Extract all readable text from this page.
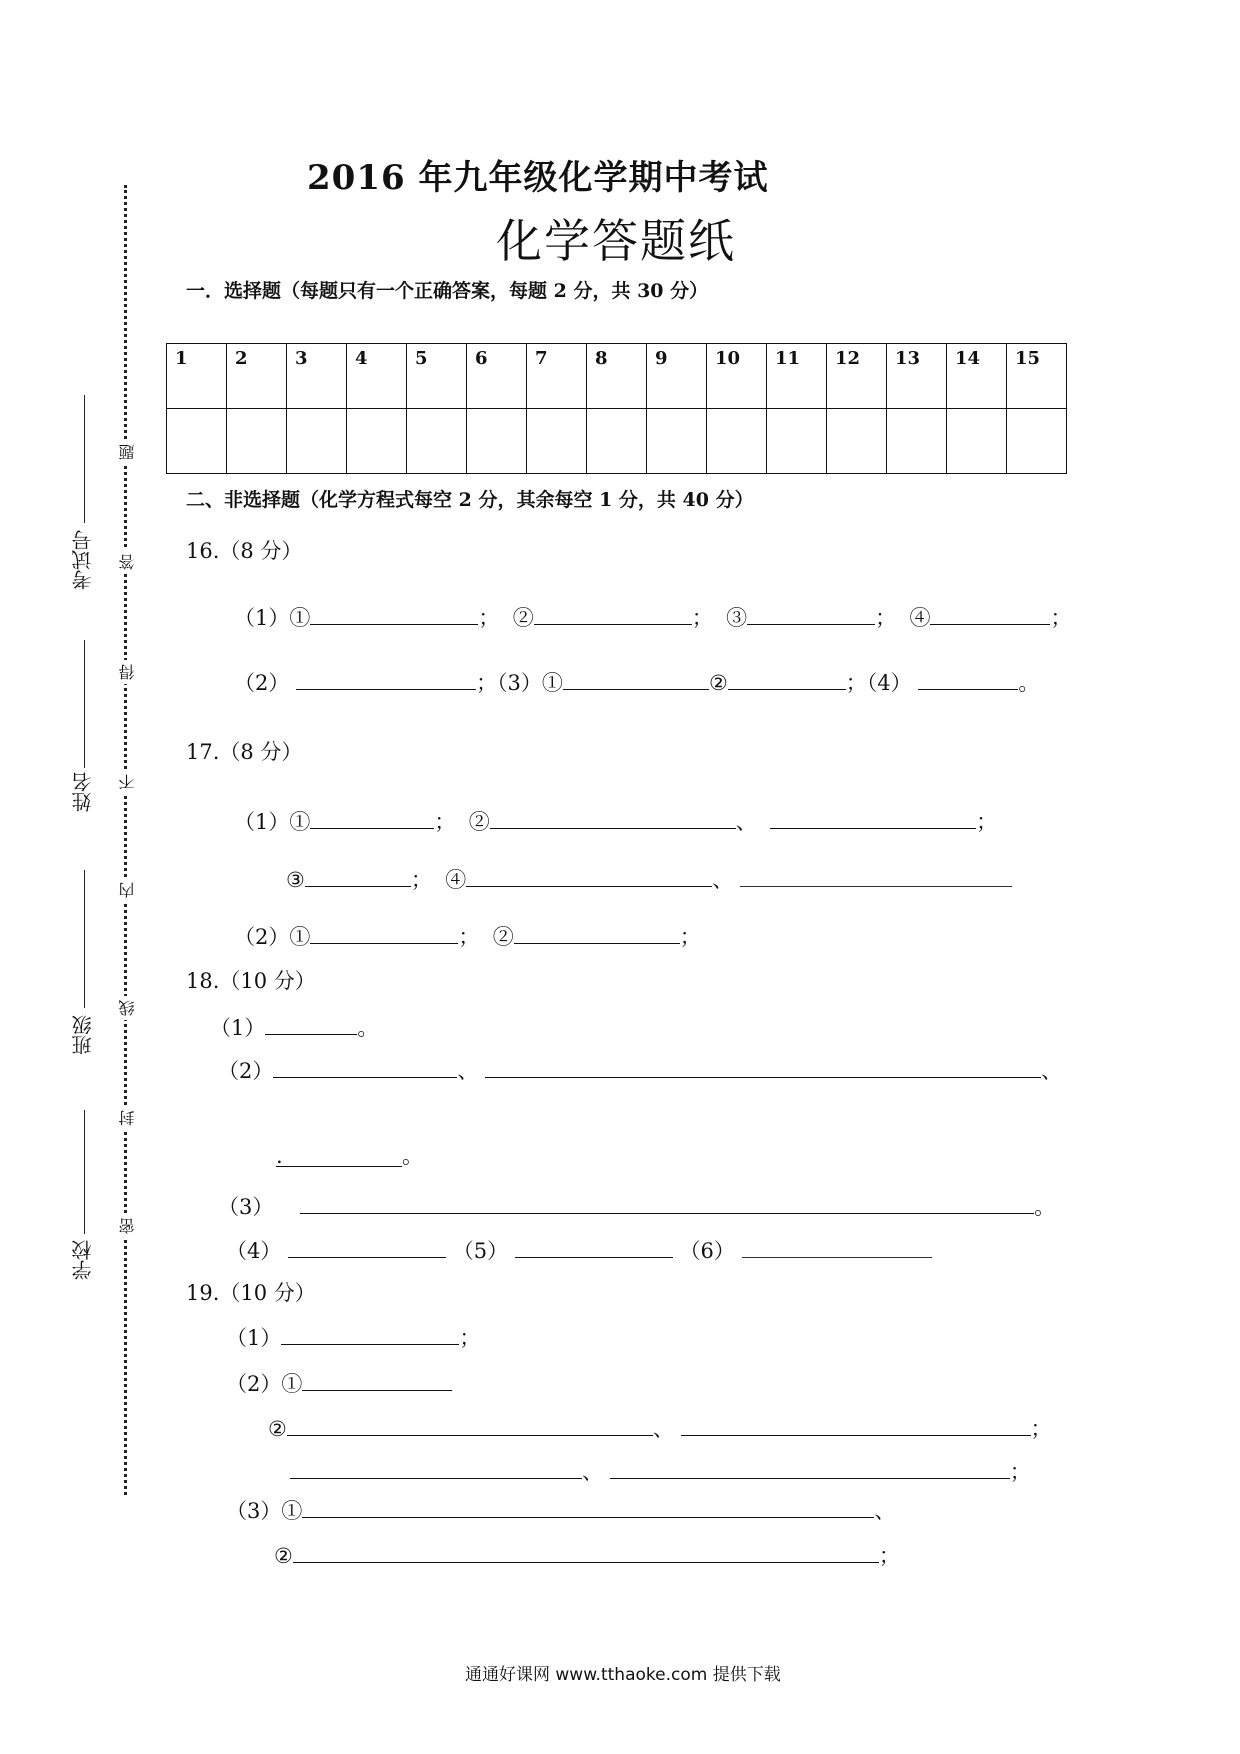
考试号
姓名
班级
学校
题
答
得
不
内
线
封
密
2016 年九年级化学期中考试
化学答题纸
一．选择题（每题只有一个正确答案，每题 2 分，共 30 分）
1	2	3	4	5	6	7	8	9	10	11	12	13	14	15

二、非选择题（化学方程式每空 2 分，其余每空 1 分，共 40 分）
16.（8 分）
（1）①	； ②	； ③	； ④	；
（2）	；（3）①	②	；（4）	。
17.（8 分）
（1）①	； ②	、	；
③	； ④	、
（2）①	； ②	；
18.（10 分）
（1）	。
（2）	、	、
.	。
（3）	。
（4）	（5）	（6）
19.（10 分）
（1）	；
（2）①
②	、	；
、	；
（3）①	、
②	；
通通好课网 www.tthaoke.com 提供下载
